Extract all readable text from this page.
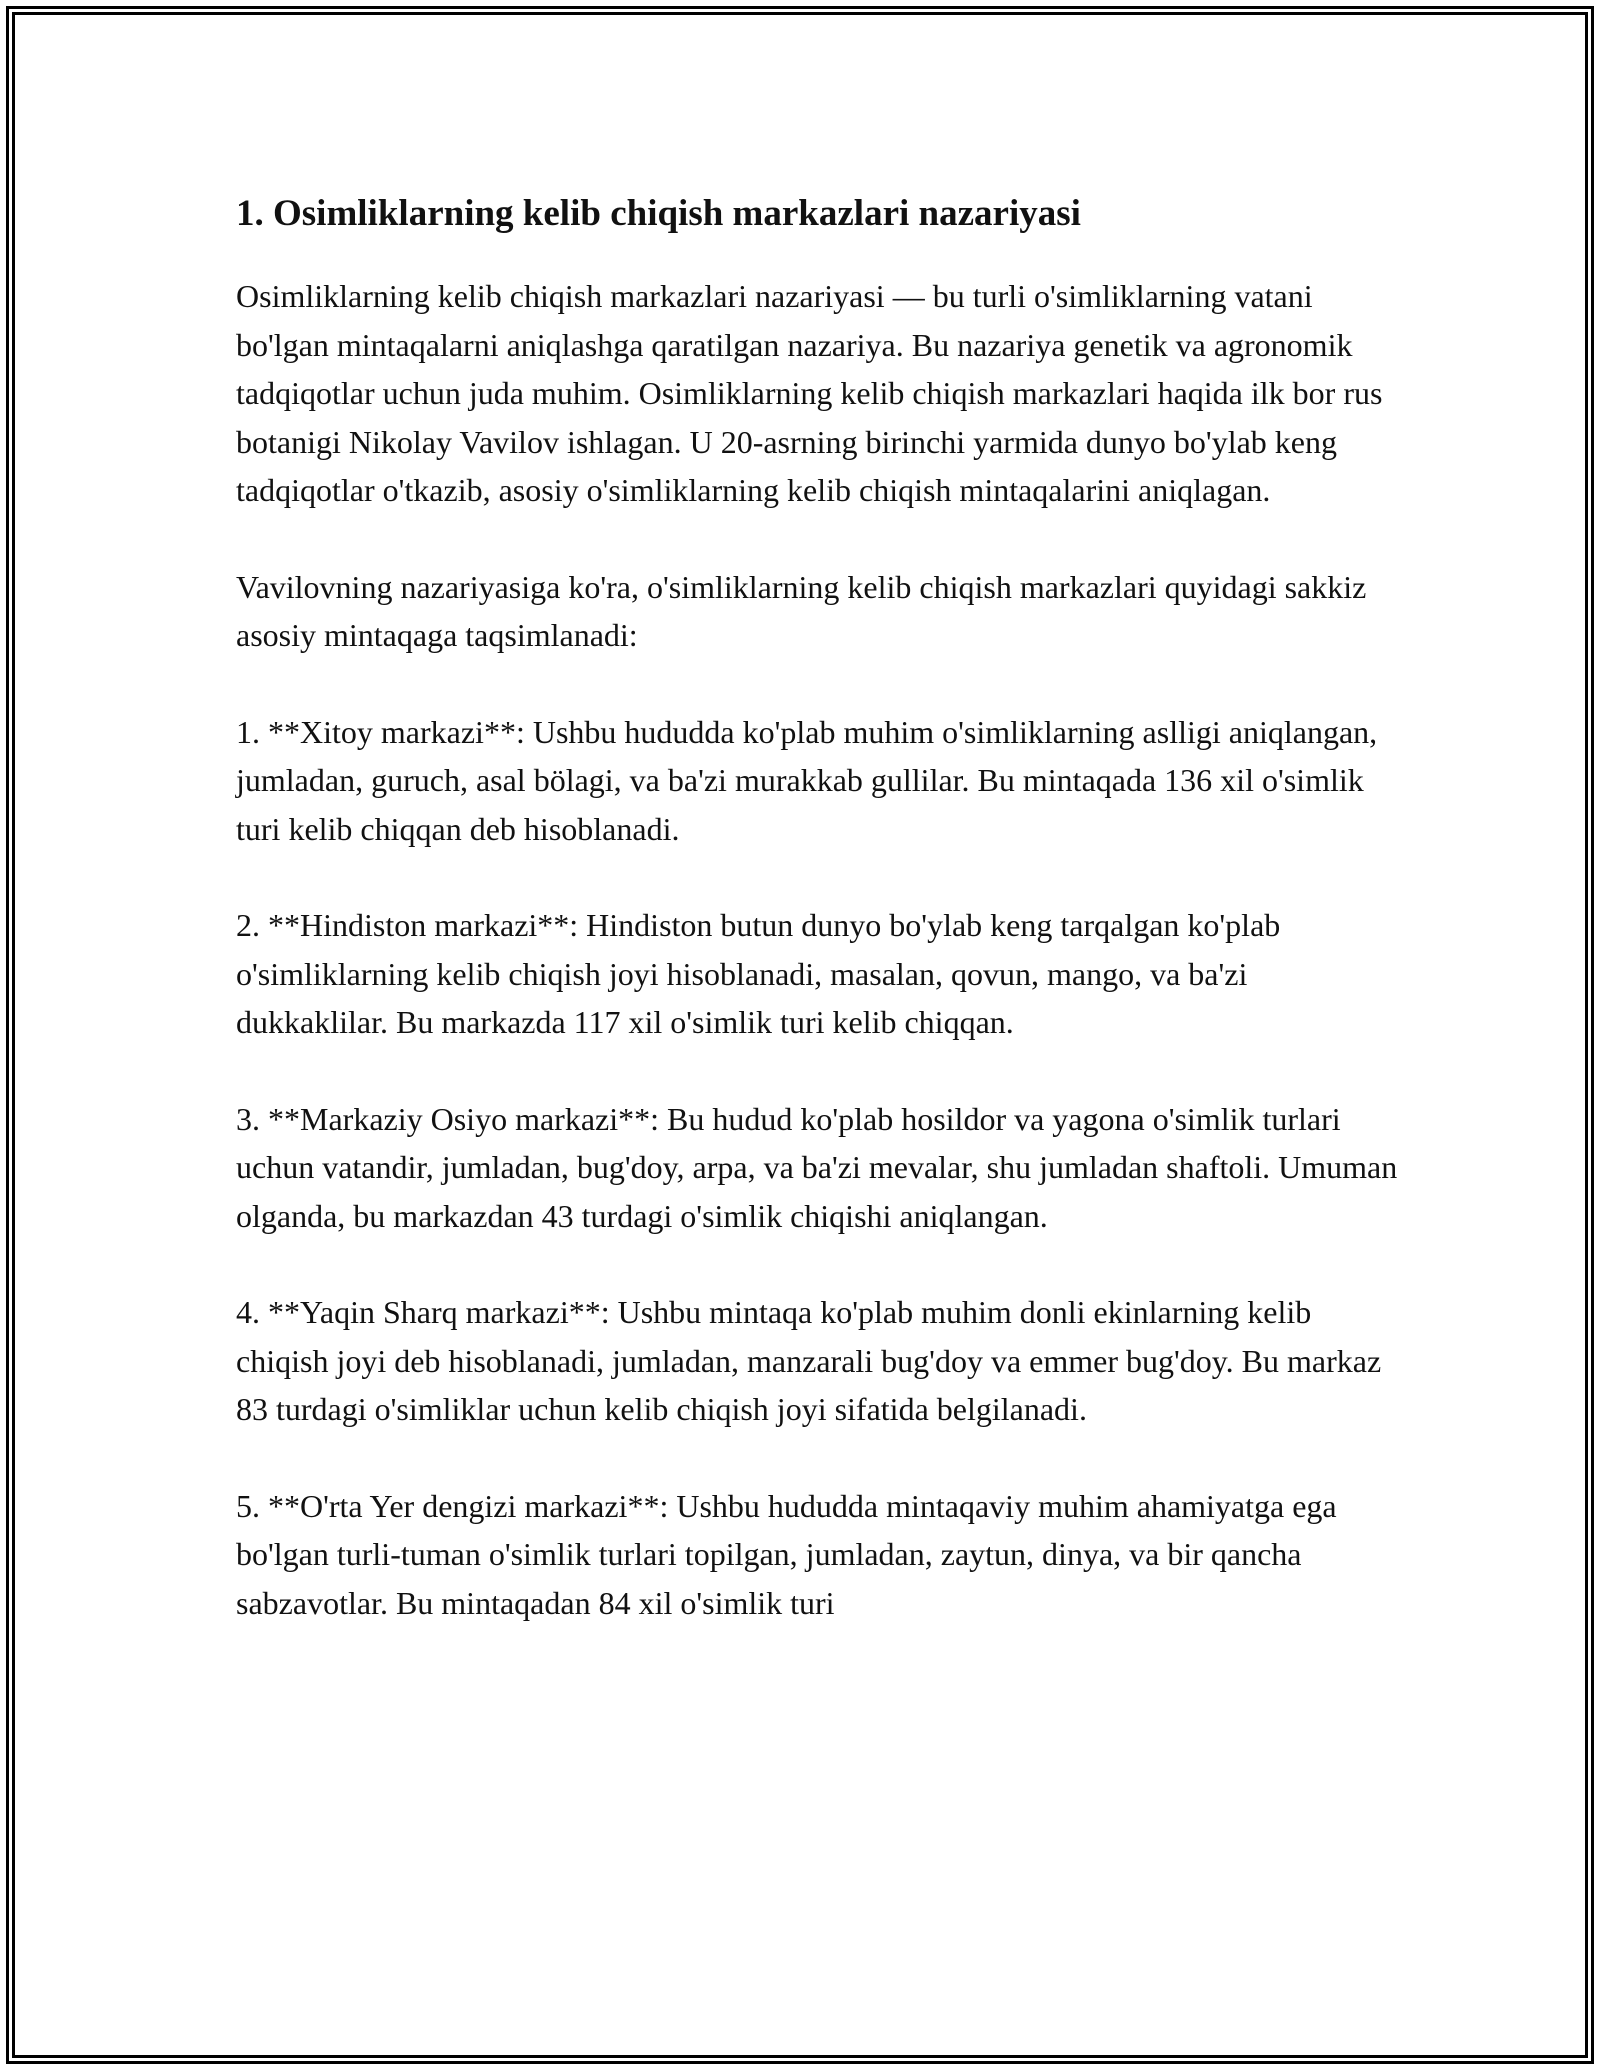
1. Osimliklarning kelib chiqish markazlari nazariyasi

Osimliklarning kelib chiqish markazlari nazariyasi — bu turli o'simliklarning vatani bo'lgan mintaqalarni aniqlashga qaratilgan nazariya. Bu nazariya genetik va agronomik tadqiqotlar uchun juda muhim. Osimliklarning kelib chiqish markazlari haqida ilk bor rus botanigi Nikolay Vavilov ishlagan. U 20-asrning birinchi yarmida dunyo bo'ylab keng tadqiqotlar o'tkazib, asosiy o'simliklarning kelib chiqish mintaqalarini aniqlagan.

Vavilovning nazariyasiga ko'ra, o'simliklarning kelib chiqish markazlari quyidagi sakkiz asosiy mintaqaga taqsimlanadi:

1. **Xitoy markazi**: Ushbu hududda ko'plab muhim o'simliklarning aslligi aniqlangan, jumladan, guruch, asal bölagi, va ba'zi murakkab gullilar. Bu mintaqada 136 xil o'simlik turi kelib chiqqan deb hisoblanadi.

2. **Hindiston markazi**: Hindiston butun dunyo bo'ylab keng tarqalgan ko'plab o'simliklarning kelib chiqish joyi hisoblanadi, masalan, qovun, mango, va ba'zi dukkaklilar. Bu markazda 117 xil o'simlik turi kelib chiqqan.

3. **Markaziy Osiyo markazi**: Bu hudud ko'plab hosildor va yagona o'simlik turlari uchun vatandir, jumladan, bug'doy, arpa, va ba'zi mevalar, shu jumladan shaftoli. Umuman olganda, bu markazdan 43 turdagi o'simlik chiqishi aniqlangan.

4. **Yaqin Sharq markazi**: Ushbu mintaqa ko'plab muhim donli ekinlarning kelib chiqish joyi deb hisoblanadi, jumladan, manzarali bug'doy va emmer bug'doy. Bu markaz 83 turdagi o'simliklar uchun kelib chiqish joyi sifatida belgilanadi.

5. **O'rta Yer dengizi markazi**: Ushbu hududda mintaqaviy muhim ahamiyatga ega bo'lgan turli-tuman o'simlik turlari topilgan, jumladan, zaytun, dinya, va bir qancha sabzavotlar. Bu mintaqadan 84 xil o'simlik turi
